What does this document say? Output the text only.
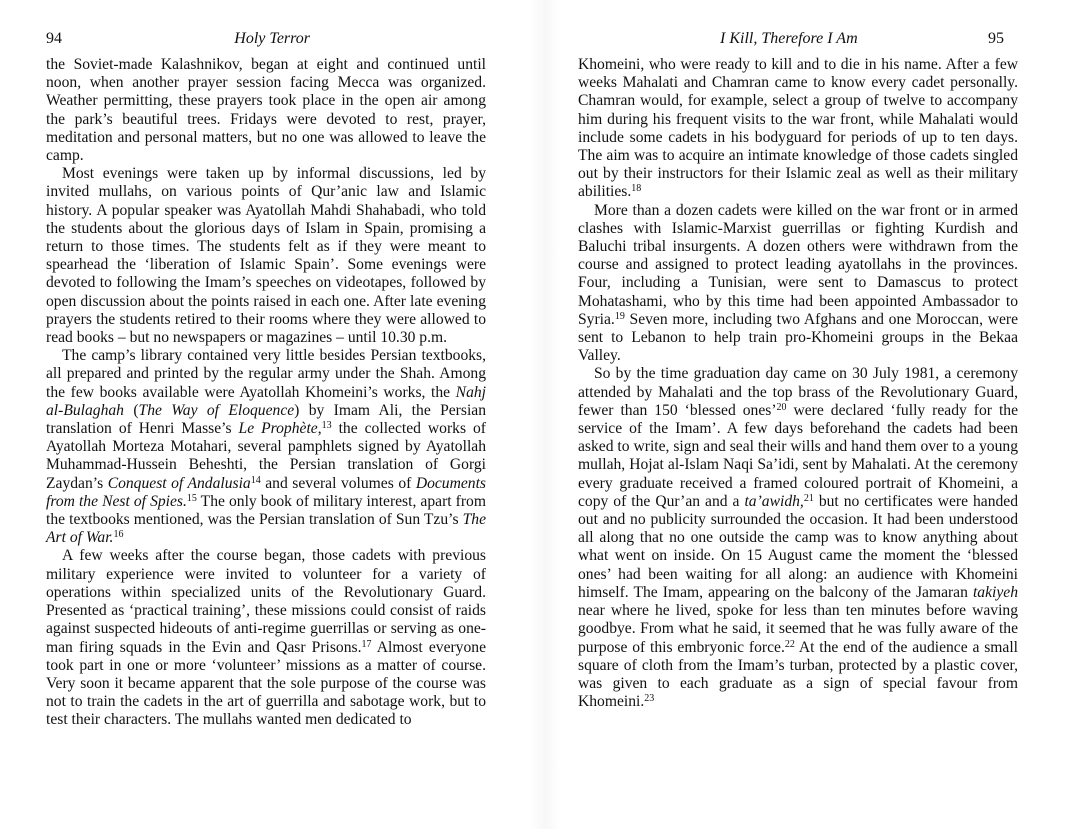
94	Holy Terror

the Soviet-made Kalashnikov, began at eight and continued until noon, when another prayer session facing Mecca was organized. Weather permitting, these prayers took place in the open air among the park’s beautiful trees. Fridays were devoted to rest, prayer, meditation and personal matters, but no one was allowed to leave the camp.

Most evenings were taken up by informal discussions, led by invited mullahs, on various points of Qur’anic law and Islamic history. A popular speaker was Ayatollah Mahdi Shahabadi, who told the students about the glorious days of Islam in Spain, promising a return to those times. The students felt as if they were meant to spearhead the ‘liberation of Islamic Spain’. Some evenings were devoted to following the Imam’s speeches on videotapes, followed by open discussion about the points raised in each one. After late evening prayers the students retired to their rooms where they were allowed to read books – but no newspapers or magazines – until 10.30 p.m.

The camp’s library contained very little besides Persian textbooks, all prepared and printed by the regular army under the Shah. Among the few books available were Ayatollah Khomeini’s works, the Nahj al-Bulaghah (The Way of Eloquence) by Imam Ali, the Persian translation of Henri Masse’s Le Prophète,$^{13}$ the collected works of Ayatollah Morteza Motahari, several pamphlets signed by Ayatollah Muhammad-Hussein Beheshti, the Persian translation of Gorgi Zaydan’s Conquest of Andalusia$^{14}$ and several volumes of Documents from the Nest of Spies.$^{15}$ The only book of military interest, apart from the textbooks mentioned, was the Persian translation of Sun Tzu’s The Art of War.$^{16}$

A few weeks after the course began, those cadets with previous military experience were invited to volunteer for a variety of operations within specialized units of the Revolutionary Guard. Presented as ‘practical training’, these missions could consist of raids against suspected hideouts of anti-regime guerrillas or serving as one-man firing squads in the Evin and Qasr Prisons.$^{17}$ Almost everyone took part in one or more ‘volunteer’ missions as a matter of course. Very soon it became apparent that the sole purpose of the course was not to train the cadets in the art of guerrilla and sabotage work, but to test their characters. The mullahs wanted men dedicated to

I Kill, Therefore I Am	95

Khomeini, who were ready to kill and to die in his name. After a few weeks Mahalati and Chamran came to know every cadet personally. Chamran would, for example, select a group of twelve to accompany him during his frequent visits to the war front, while Mahalati would include some cadets in his bodyguard for periods of up to ten days. The aim was to acquire an intimate knowledge of those cadets singled out by their instructors for their Islamic zeal as well as their military abilities.$^{18}$

More than a dozen cadets were killed on the war front or in armed clashes with Islamic-Marxist guerrillas or fighting Kurdish and Baluchi tribal insurgents. A dozen others were withdrawn from the course and assigned to protect leading ayatollahs in the provinces. Four, including a Tunisian, were sent to Damascus to protect Mohatashami, who by this time had been appointed Ambassador to Syria.$^{19}$ Seven more, including two Afghans and one Moroccan, were sent to Lebanon to help train pro-Khomeini groups in the Bekaa Valley.

So by the time graduation day came on 30 July 1981, a ceremony attended by Mahalati and the top brass of the Revolutionary Guard, fewer than 150 ‘blessed ones’$^{20}$ were declared ‘fully ready for the service of the Imam’. A few days beforehand the cadets had been asked to write, sign and seal their wills and hand them over to a young mullah, Hojat al-Islam Naqi Sa’idi, sent by Mahalati. At the ceremony every graduate received a framed coloured portrait of Khomeini, a copy of the Qur’an and a ta’awidh,$^{21}$ but no certificates were handed out and no publicity surrounded the occasion. It had been understood all along that no one outside the camp was to know anything about what went on inside. On 15 August came the moment the ‘blessed ones’ had been waiting for all along: an audience with Khomeini himself. The Imam, appearing on the balcony of the Jamaran takiyeh near where he lived, spoke for less than ten minutes before waving goodbye. From what he said, it seemed that he was fully aware of the purpose of this embryonic force.$^{22}$ At the end of the audience a small square of cloth from the Imam’s turban, protected by a plastic cover, was given to each graduate as a sign of special favour from Khomeini.$^{23}$
